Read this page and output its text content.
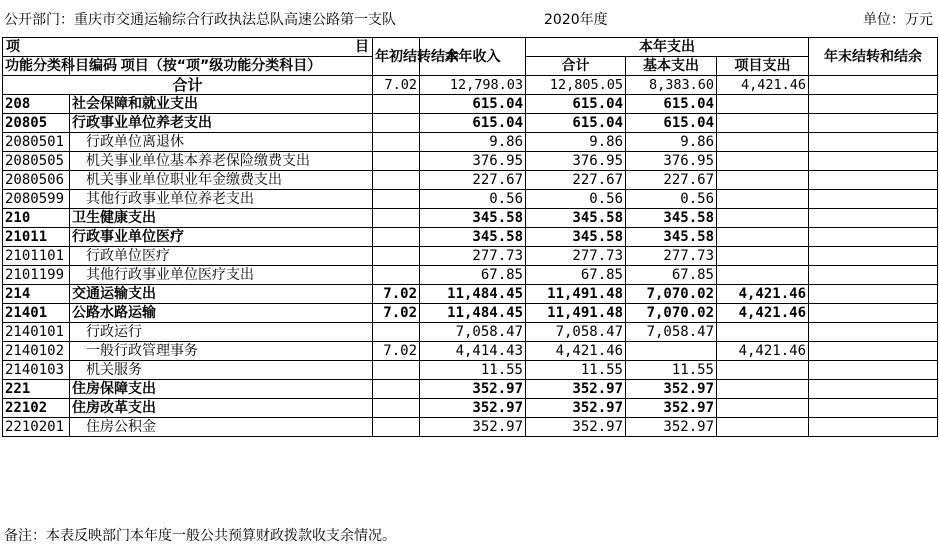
公开部门：重庆市交通运输综合行政执法总队高速公路第一支队	2020年度	单位：万元
项 目		年初结转结余	本年收入	本年支出			年末结转和结余
功能分类科目编码	项目（按“项”级功能分类科目）			合计	基本支出	项目支出	
合计		7.02	12,798.03	12,805.05	8,383.60	4,421.46	
208	社会保障和就业支出		615.04	615.04	615.04		
20805	行政事业单位养老支出		615.04	615.04	615.04		
2080501	行政单位离退休		9.86	9.86	9.86		
2080505	机关事业单位基本养老保险缴费支出		376.95	376.95	376.95		
2080506	机关事业单位职业年金缴费支出		227.67	227.67	227.67		
2080599	其他行政事业单位养老支出		0.56	0.56	0.56		
210	卫生健康支出		345.58	345.58	345.58		
21011	行政事业单位医疗		345.58	345.58	345.58		
2101101	行政单位医疗		277.73	277.73	277.73		
2101199	其他行政事业单位医疗支出		67.85	67.85	67.85		
214	交通运输支出	7.02	11,484.45	11,491.48	7,070.02	4,421.46	
21401	公路水路运输	7.02	11,484.45	11,491.48	7,070.02	4,421.46	
2140101	行政运行		7,058.47	7,058.47	7,058.47		
2140102	一般行政管理事务	7.02	4,414.43	4,421.46		4,421.46	
2140103	机关服务		11.55	11.55	11.55		
221	住房保障支出		352.97	352.97	352.97		
22102	住房改革支出		352.97	352.97	352.97		
2210201	住房公积金		352.97	352.97	352.97		
备注：本表反映部门本年度一般公共预算财政拨款收支余情况。
